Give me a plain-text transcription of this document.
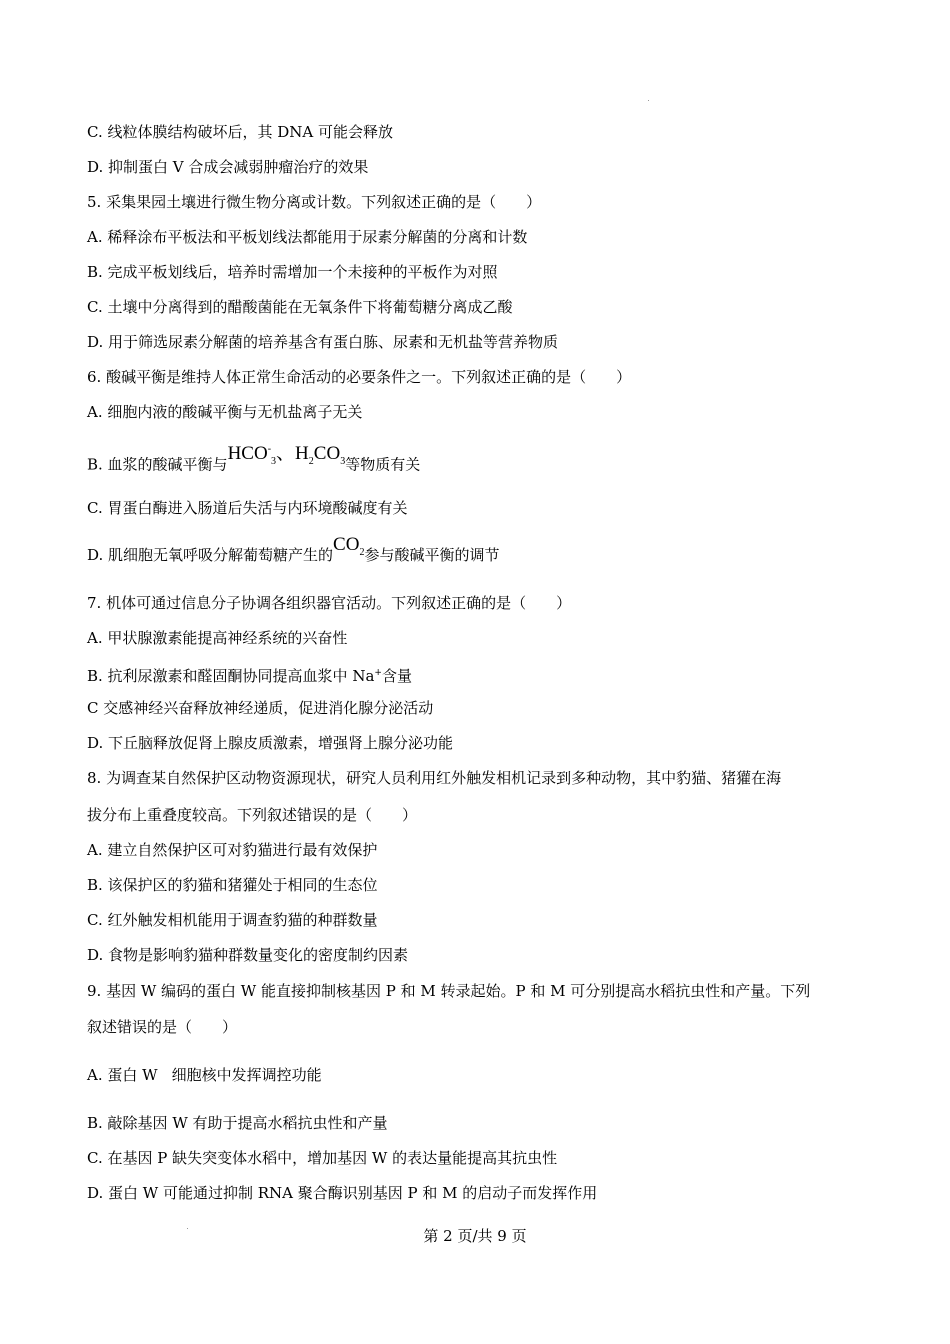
C. 线粒体膜结构破坏后，其 DNA 可能会释放
D. 抑制蛋白 V 合成会减弱肿瘤治疗的效果
5. 采集果园土壤进行微生物分离或计数。下列叙述正确的是（　　）
A. 稀释涂布平板法和平板划线法都能用于尿素分解菌的分离和计数
B. 完成平板划线后，培养时需增加一个未接种的平板作为对照
C. 土壤中分离得到的醋酸菌能在无氧条件下将葡萄糖分离成乙酸
D. 用于筛选尿素分解菌的培养基含有蛋白胨、尿素和无机盐等营养物质
6. 酸碱平衡是维持人体正常生命活动的必要条件之一。下列叙述正确的是（　　）
A. 细胞内液的酸碱平衡与无机盐离子无关
B. 血浆的酸碱平衡与$HCO^-_3$、$H_2CO_3$等物质有关
C. 胃蛋白酶进入肠道后失活与内环境酸碱度有关
D. 肌细胞无氧呼吸分解葡萄糖产生的$CO_2$参与酸碱平衡的调节
7. 机体可通过信息分子协调各组织器官活动。下列叙述正确的是（　　）
A. 甲状腺激素能提高神经系统的兴奋性
B. 抗利尿激素和醛固酮协同提高血浆中 Na+含量
C 交感神经兴奋释放神经递质，促进消化腺分泌活动
D. 下丘脑释放促肾上腺皮质激素，增强肾上腺分泌功能
8. 为调查某自然保护区动物资源现状，研究人员利用红外触发相机记录到多种动物，其中豹猫、猪獾在海
拔分布上重叠度较高。下列叙述错误的是（　　）
A. 建立自然保护区可对豹猫进行最有效保护
B. 该保护区的豹猫和猪獾处于相同的生态位
C. 红外触发相机能用于调查豹猫的种群数量
D. 食物是影响豹猫种群数量变化的密度制约因素
9. 基因 W 编码的蛋白 W 能直接抑制核基因 P 和 M 转录起始。P 和 M 可分别提高水稻抗虫性和产量。下列
叙述错误的是（　　）
A. 蛋白 W 细胞核中发挥调控功能
B. 敲除基因 W 有助于提高水稻抗虫性和产量
C. 在基因 P 缺失突变体水稻中，增加基因 W 的表达量能提高其抗虫性
D. 蛋白 W 可能通过抑制 RNA 聚合酶识别基因 P 和 M 的启动子而发挥作用
第 2 页/共 9 页
